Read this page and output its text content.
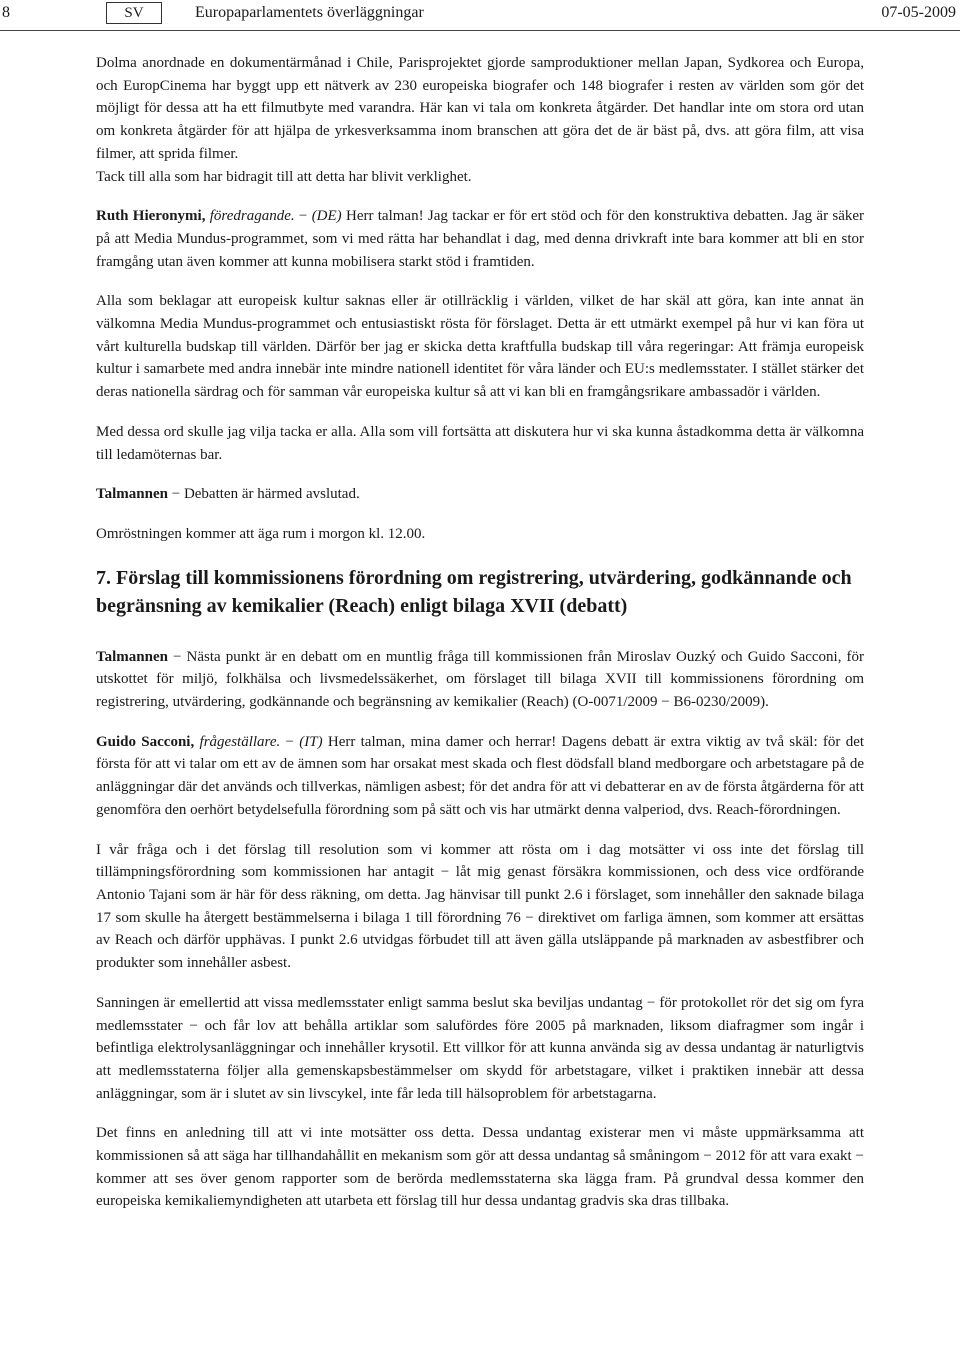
8	SV	Europaparlamentets överläggningar	07-05-2009

Dolma anordnade en dokumentärmånad i Chile, Parisprojektet gjorde samproduktioner mellan Japan, Sydkorea och Europa, och EuropCinema har byggt upp ett nätverk av 230 europeiska biografer och 148 biografer i resten av världen som gör det möjligt för dessa att ha ett filmutbyte med varandra. Här kan vi tala om konkreta åtgärder. Det handlar inte om stora ord utan om konkreta åtgärder för att hjälpa de yrkesverksamma inom branschen att göra det de är bäst på, dvs. att göra film, att visa filmer, att sprida filmer.

Tack till alla som har bidragit till att detta har blivit verklighet.

Ruth Hieronymi, föredragande. − (DE) Herr talman! Jag tackar er för ert stöd och för den konstruktiva debatten. Jag är säker på att Media Mundus-programmet, som vi med rätta har behandlat i dag, med denna drivkraft inte bara kommer att bli en stor framgång utan även kommer att kunna mobilisera starkt stöd i framtiden.

Alla som beklagar att europeisk kultur saknas eller är otillräcklig i världen, vilket de har skäl att göra, kan inte annat än välkomna Media Mundus-programmet och entusiastiskt rösta för förslaget. Detta är ett utmärkt exempel på hur vi kan föra ut vårt kulturella budskap till världen. Därför ber jag er skicka detta kraftfulla budskap till våra regeringar: Att främja europeisk kultur i samarbete med andra innebär inte mindre nationell identitet för våra länder och EU:s medlemsstater. I stället stärker det deras nationella särdrag och för samman vår europeiska kultur så att vi kan bli en framgångsrikare ambassadör i världen.

Med dessa ord skulle jag vilja tacka er alla. Alla som vill fortsätta att diskutera hur vi ska kunna åstadkomma detta är välkomna till ledamöternas bar.

Talmannen − Debatten är härmed avslutad.

Omröstningen kommer att äga rum i morgon kl. 12.00.

7. Förslag till kommissionens förordning om registrering, utvärdering, godkännande och begränsning av kemikalier (Reach) enligt bilaga XVII (debatt)

Talmannen − Nästa punkt är en debatt om en muntlig fråga till kommissionen från Miroslav Ouzký och Guido Sacconi, för utskottet för miljö, folkhälsa och livsmedelssäkerhet, om förslaget till bilaga XVII till kommissionens förordning om registrering, utvärdering, godkännande och begränsning av kemikalier (Reach) (O-0071/2009 − B6-0230/2009).

Guido Sacconi, frågeställare. − (IT) Herr talman, mina damer och herrar! Dagens debatt är extra viktig av två skäl: för det första för att vi talar om ett av de ämnen som har orsakat mest skada och flest dödsfall bland medborgare och arbetstagare på de anläggningar där det används och tillverkas, nämligen asbest; för det andra för att vi debatterar en av de första åtgärderna för att genomföra den oerhört betydelsefulla förordning som på sätt och vis har utmärkt denna valperiod, dvs. Reach-förordningen.

I vår fråga och i det förslag till resolution som vi kommer att rösta om i dag motsätter vi oss inte det förslag till tillämpningsförordning som kommissionen har antagit − låt mig genast försäkra kommissionen, och dess vice ordförande Antonio Tajani som är här för dess räkning, om detta. Jag hänvisar till punkt 2.6 i förslaget, som innehåller den saknade bilaga 17 som skulle ha återgett bestämmelserna i bilaga 1 till förordning 76 − direktivet om farliga ämnen, som kommer att ersättas av Reach och därför upphävas. I punkt 2.6 utvidgas förbudet till att även gälla utsläppande på marknaden av asbestfibrer och produkter som innehåller asbest.

Sanningen är emellertid att vissa medlemsstater enligt samma beslut ska beviljas undantag − för protokollet rör det sig om fyra medlemsstater − och får lov att behålla artiklar som salufördes före 2005 på marknaden, liksom diafragmer som ingår i befintliga elektrolysanläggningar och innehåller krysotil. Ett villkor för att kunna använda sig av dessa undantag är naturligtvis att medlemsstaterna följer alla gemenskapsbestämmelser om skydd för arbetstagare, vilket i praktiken innebär att dessa anläggningar, som är i slutet av sin livscykel, inte får leda till hälsoproblem för arbetstagarna.

Det finns en anledning till att vi inte motsätter oss detta. Dessa undantag existerar men vi måste uppmärksamma att kommissionen så att säga har tillhandahållit en mekanism som gör att dessa undantag så småningom − 2012 för att vara exakt − kommer att ses över genom rapporter som de berörda medlemsstaterna ska lägga fram. På grundval dessa kommer den europeiska kemikaliemyndigheten att utarbeta ett förslag till hur dessa undantag gradvis ska dras tillbaka.
